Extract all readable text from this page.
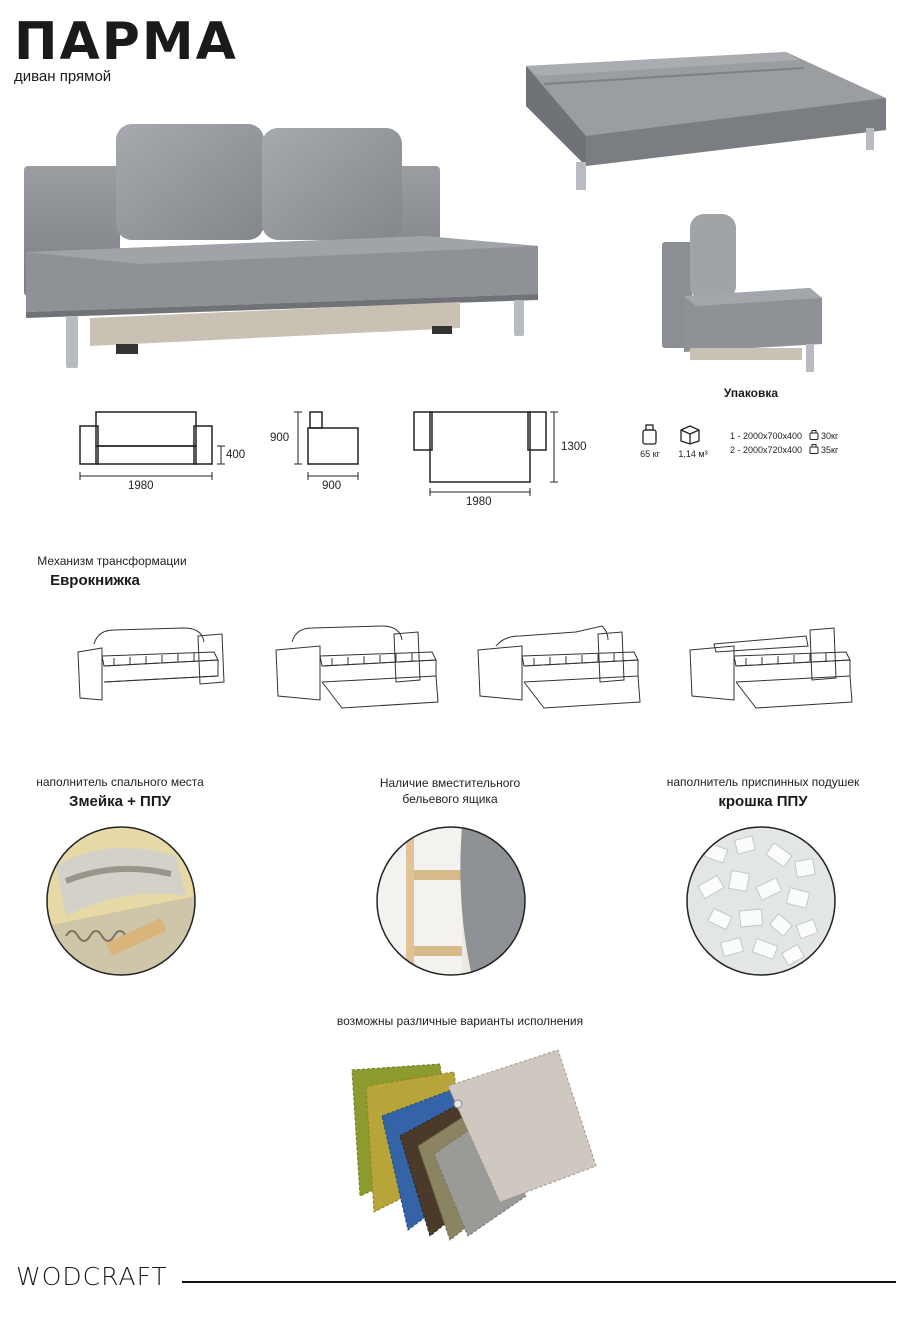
ПАРМА
диван прямой
Упаковка
65 кг	1,14 м³
1 - 2000x700x400
2 - 2000x720x400
30кг
35кг
400
1980
900
900
1300
1980
Механизм трансформации
Еврокнижка
наполнитель спального места
Змейка + ППУ
Наличие вместительного
бельевого ящика
наполнитель приспинных подушек
крошка ППУ
возможны различные варианты исполнения
WODCRAFT
